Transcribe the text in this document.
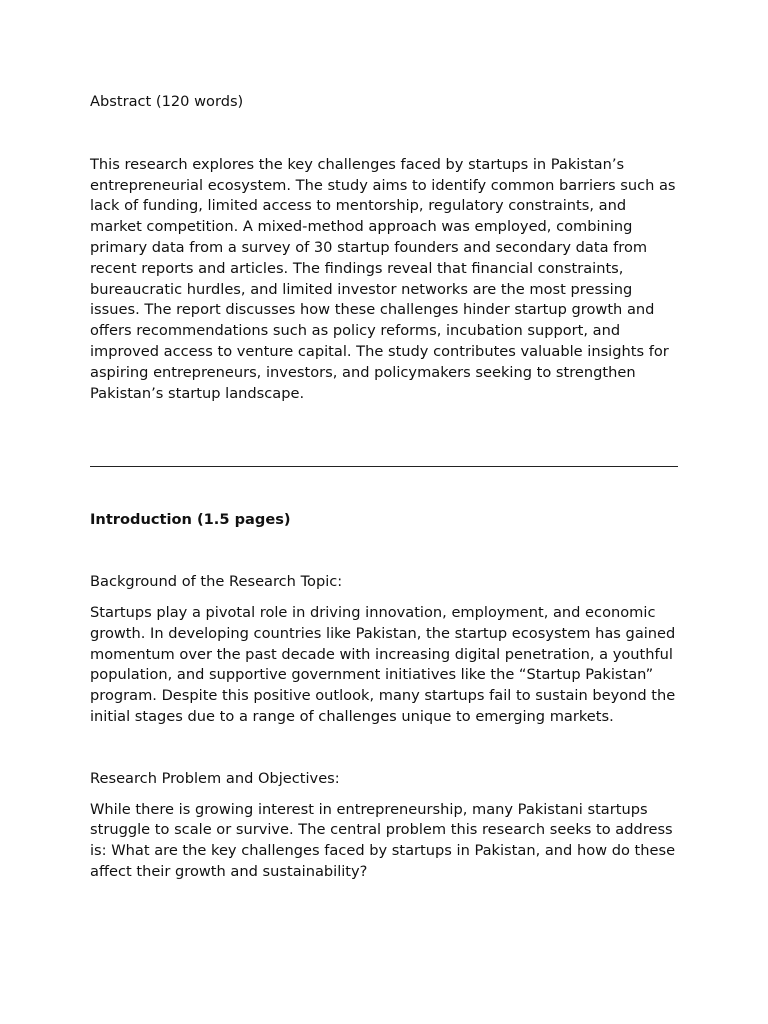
Abstract (120 words)

This research explores the key challenges faced by startups in Pakistan’s entrepreneurial ecosystem. The study aims to identify common barriers such as lack of funding, limited access to mentorship, regulatory constraints, and market competition. A mixed-method approach was employed, combining primary data from a survey of 30 startup founders and secondary data from recent reports and articles. The findings reveal that financial constraints, bureaucratic hurdles, and limited investor networks are the most pressing issues. The report discusses how these challenges hinder startup growth and offers recommendations such as policy reforms, incubation support, and improved access to venture capital. The study contributes valuable insights for aspiring entrepreneurs, investors, and policymakers seeking to strengthen Pakistan’s startup landscape.

Introduction (1.5 pages)

Background of the Research Topic:

Startups play a pivotal role in driving innovation, employment, and economic growth. In developing countries like Pakistan, the startup ecosystem has gained momentum over the past decade with increasing digital penetration, a youthful population, and supportive government initiatives like the “Startup Pakistan” program. Despite this positive outlook, many startups fail to sustain beyond the initial stages due to a range of challenges unique to emerging markets.

Research Problem and Objectives:

While there is growing interest in entrepreneurship, many Pakistani startups struggle to scale or survive. The central problem this research seeks to address is: What are the key challenges faced by startups in Pakistan, and how do these affect their growth and sustainability?
